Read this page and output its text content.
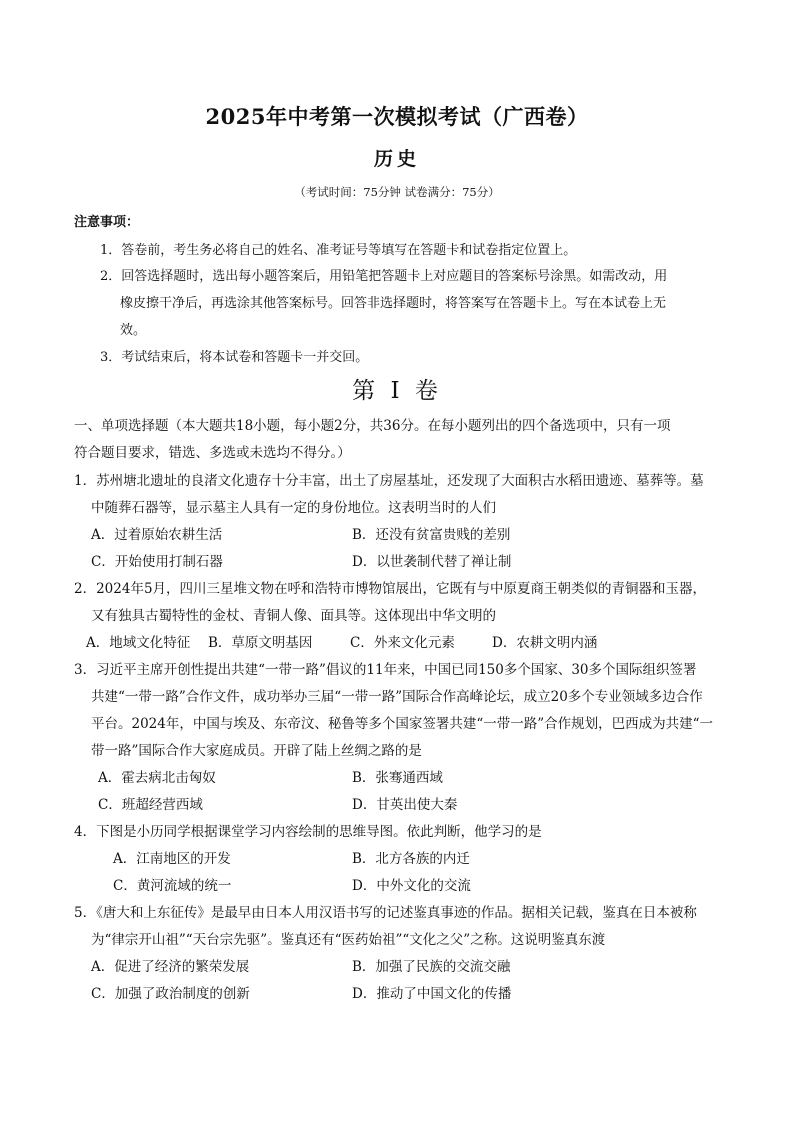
2025年中考第一次模拟考试（广西卷）
历史
（考试时间：75分钟 试卷满分：75分）
注意事项：
1．答卷前，考生务必将自己的姓名、准考证号等填写在答题卡和试卷指定位置上。
2．回答选择题时，选出每小题答案后，用铅笔把答题卡上对应题目的答案标号涂黑。如需改动，用
橡皮擦干净后，再选涂其他答案标号。回答非选择题时，将答案写在答题卡上。写在本试卷上无
效。
3．考试结束后，将本试卷和答题卡一并交回。
第 I 卷
一、单项选择题（本大题共18小题，每小题2分，共36分。在每小题列出的四个备选项中，只有一项
符合题目要求，错选、多选或未选均不得分。）
1．苏州塘北遗址的良渚文化遗存十分丰富，出土了房屋基址，还发现了大面积古水稻田遗迹、墓葬等。墓
中随葬石器等，显示墓主人具有一定的身份地位。这表明当时的人们
A．过着原始农耕生活	B．还没有贫富贵贱的差别
C．开始使用打制石器	D．以世袭制代替了禅让制
2．2024年5月，四川三星堆文物在呼和浩特市博物馆展出，它既有与中原夏商王朝类似的青铜器和玉器，
又有独具古蜀特性的金杖、青铜人像、面具等。这体现出中华文明的
A．地域文化特征 B．草原文明基因	C．外来文化元素	D．农耕文明内涵
3．习近平主席开创性提出共建“一带一路”倡议的11年来，中国已同150多个国家、30多个国际组织签署
共建“一带一路”合作文件，成功举办三届“一带一路”国际合作高峰论坛，成立20多个专业领域多边合作
平台。2024年，中国与埃及、东帝汶、秘鲁等多个国家签署共建“一带一路”合作规划，巴西成为共建“一
带一路”国际合作大家庭成员。开辟了陆上丝绸之路的是
A．霍去病北击匈奴	B．张骞通西域
C．班超经营西域	D．甘英出使大秦
4．下图是小历同学根据课堂学习内容绘制的思维导图。依此判断，他学习的是
A．江南地区的开发	B．北方各族的内迁
C．黄河流域的统一	D．中外文化的交流
5．《唐大和上东征传》是最早由日本人用汉语书写的记述鉴真事迹的作品。据相关记载，鉴真在日本被称
为“律宗开山祖”“天台宗先驱”。鉴真还有“医药始祖”“文化之父”之称。这说明鉴真东渡
A．促进了经济的繁荣发展	B．加强了民族的交流交融
C．加强了政治制度的创新	D．推动了中国文化的传播
